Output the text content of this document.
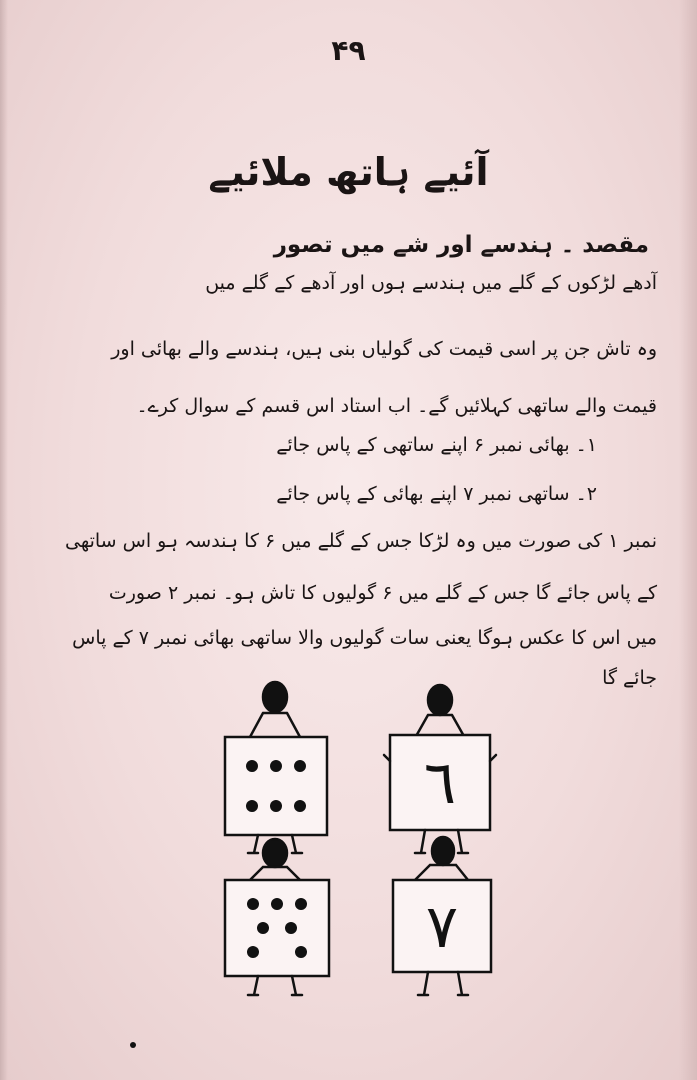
۴۹
آئیے ہاتھ ملائیے
مقصد ۔ ہندسے اور شے میں تصور
آدھے لڑکوں کے گلے میں ہندسے ہوں اور آدھے کے گلے میں
وہ تاش جن پر اسی قیمت کی گولیاں بنی ہیں، ہندسے والے بھائی اور
قیمت والے ساتھی کہلائیں گے۔ اب استاد اس قسم کے سوال کرے۔
۱۔ بھائی نمبر ۶ اپنے ساتھی کے پاس جائے
۲۔ ساتھی نمبر ۷ اپنے بھائی کے پاس جائے
نمبر ۱ کی صورت میں وہ لڑکا جس کے گلے میں ۶ کا ہندسہ ہو اس ساتھی
کے پاس جائے گا جس کے گلے میں ۶ گولیوں کا تاش ہو۔ نمبر ۲ صورت
میں اس کا عکس ہوگا یعنی سات گولیوں والا ساتھی بھائی نمبر ۷ کے پاس
جائے گا
٦
٧
